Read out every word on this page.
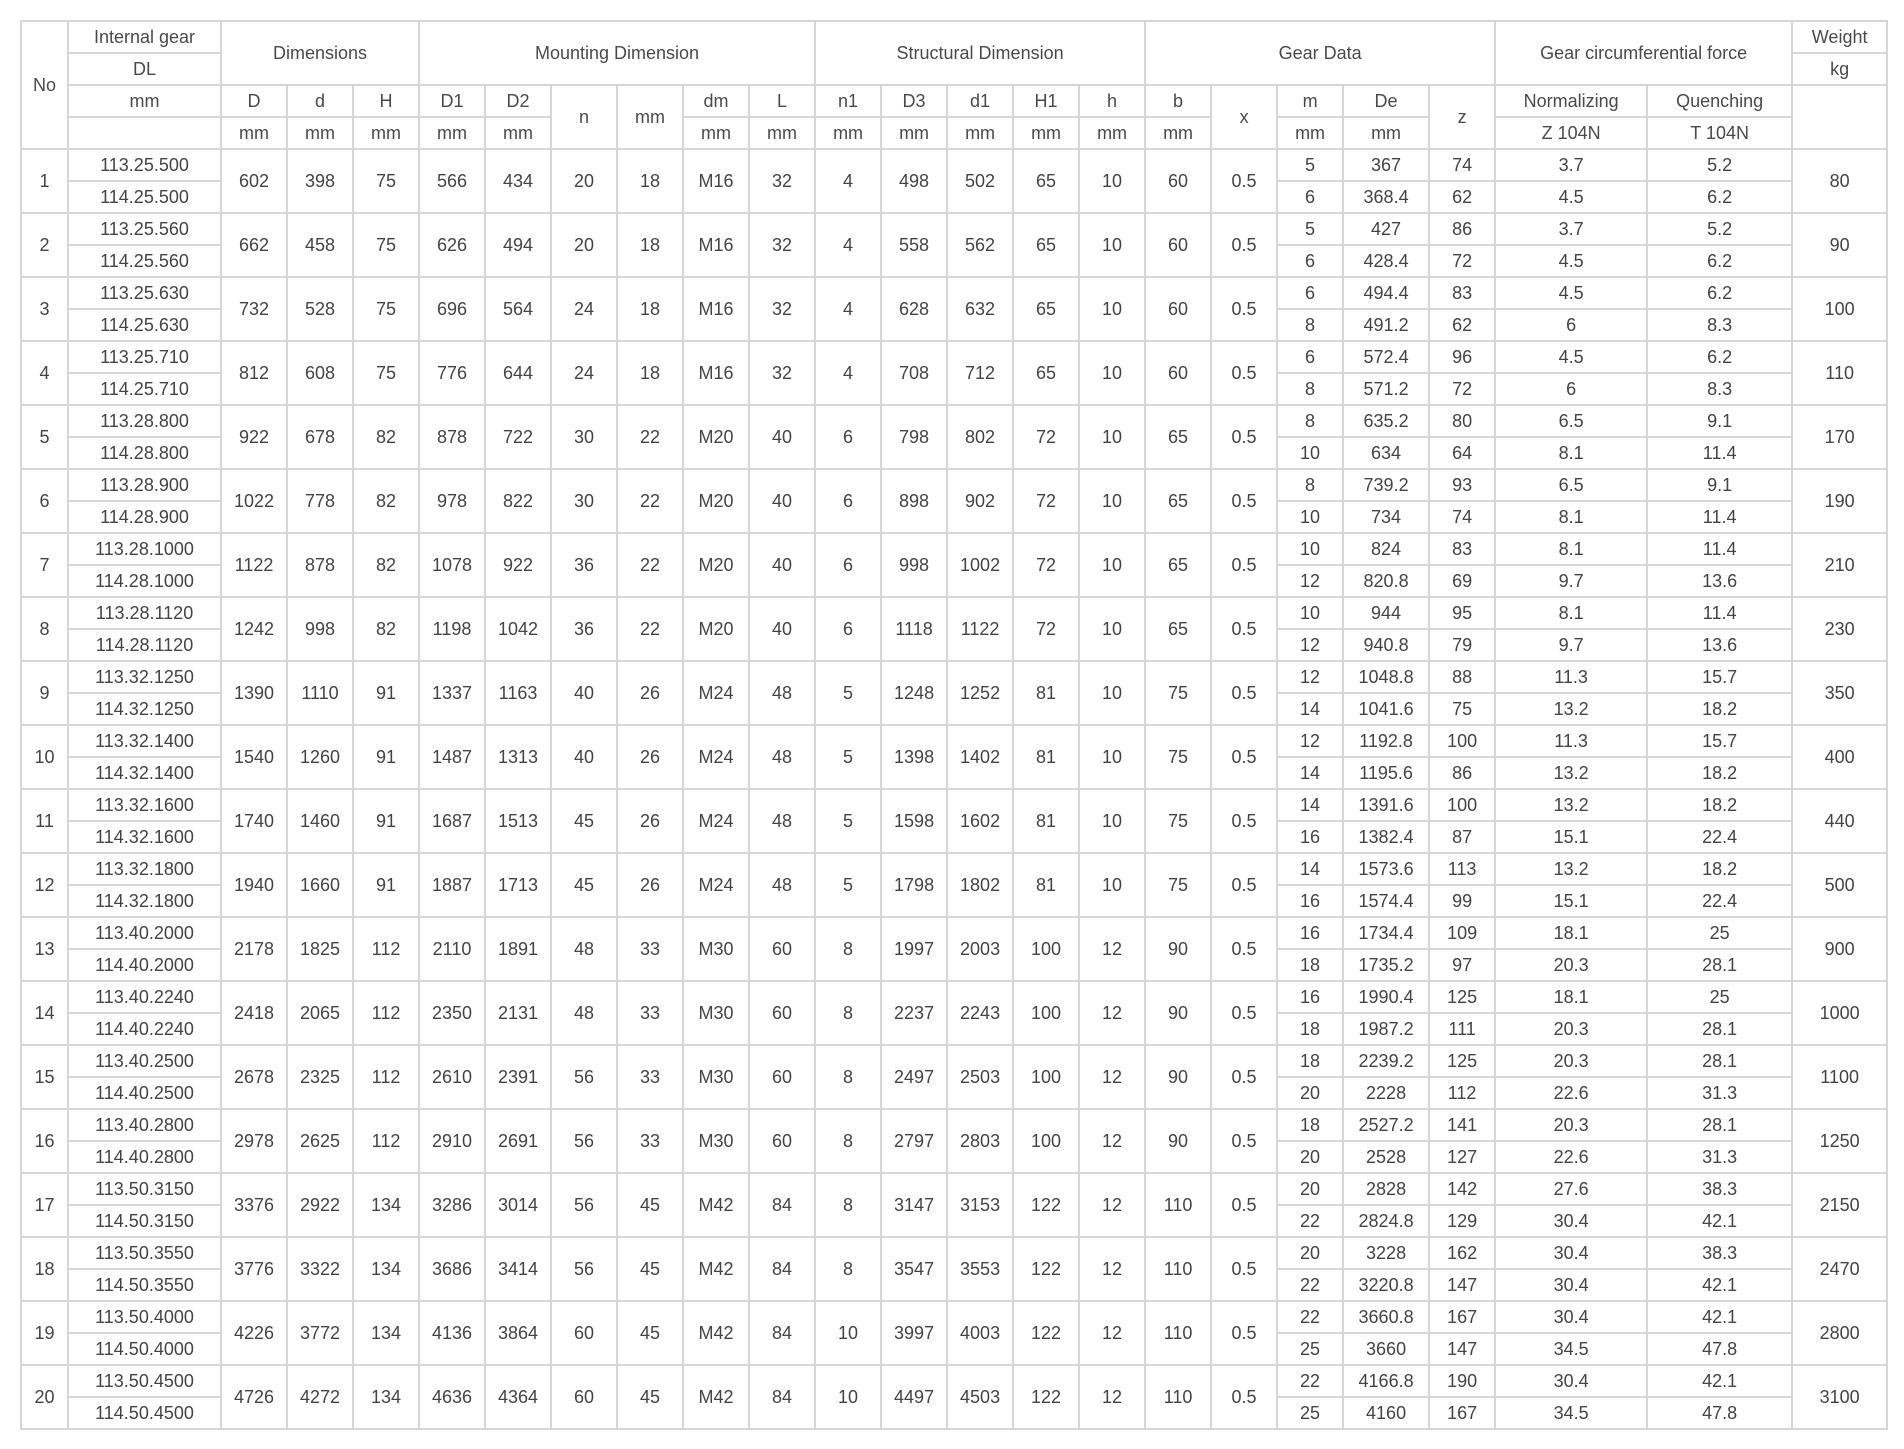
No	Internal gear	Dimensions			Mounting Dimension						Structural Dimension					Gear Data					Gear circumferential force		Weight
	DL																						kg
	mm	D	d	H	D1	D2	n	mm	dm	L	n1	D3	d1	H1	h	b	x	m	De	z	Normalizing	Quenching	
		mm	mm	mm	mm	mm			mm	mm	mm	mm	mm	mm	mm	mm		mm	mm		Z 104N	T 104N	
1	113.25.500	602	398	75	566	434	20	18	M16	32	4	498	502	65	10	60	0.5	5	367	74	3.7	5.2	80
	114.25.500																	6	368.4	62	4.5	6.2	
2	113.25.560	662	458	75	626	494	20	18	M16	32	4	558	562	65	10	60	0.5	5	427	86	3.7	5.2	90
	114.25.560																	6	428.4	72	4.5	6.2	
3	113.25.630	732	528	75	696	564	24	18	M16	32	4	628	632	65	10	60	0.5	6	494.4	83	4.5	6.2	100
	114.25.630																	8	491.2	62	6	8.3	
4	113.25.710	812	608	75	776	644	24	18	M16	32	4	708	712	65	10	60	0.5	6	572.4	96	4.5	6.2	110
	114.25.710																	8	571.2	72	6	8.3	
5	113.28.800	922	678	82	878	722	30	22	M20	40	6	798	802	72	10	65	0.5	8	635.2	80	6.5	9.1	170
	114.28.800																	10	634	64	8.1	11.4	
6	113.28.900	1022	778	82	978	822	30	22	M20	40	6	898	902	72	10	65	0.5	8	739.2	93	6.5	9.1	190
	114.28.900																	10	734	74	8.1	11.4	
7	113.28.1000	1122	878	82	1078	922	36	22	M20	40	6	998	1002	72	10	65	0.5	10	824	83	8.1	11.4	210
	114.28.1000																	12	820.8	69	9.7	13.6	
8	113.28.1120	1242	998	82	1198	1042	36	22	M20	40	6	1118	1122	72	10	65	0.5	10	944	95	8.1	11.4	230
	114.28.1120																	12	940.8	79	9.7	13.6	
9	113.32.1250	1390	1110	91	1337	1163	40	26	M24	48	5	1248	1252	81	10	75	0.5	12	1048.8	88	11.3	15.7	350
	114.32.1250																	14	1041.6	75	13.2	18.2	
10	113.32.1400	1540	1260	91	1487	1313	40	26	M24	48	5	1398	1402	81	10	75	0.5	12	1192.8	100	11.3	15.7	400
	114.32.1400																	14	1195.6	86	13.2	18.2	
11	113.32.1600	1740	1460	91	1687	1513	45	26	M24	48	5	1598	1602	81	10	75	0.5	14	1391.6	100	13.2	18.2	440
	114.32.1600																	16	1382.4	87	15.1	22.4	
12	113.32.1800	1940	1660	91	1887	1713	45	26	M24	48	5	1798	1802	81	10	75	0.5	14	1573.6	113	13.2	18.2	500
	114.32.1800																	16	1574.4	99	15.1	22.4	
13	113.40.2000	2178	1825	112	2110	1891	48	33	M30	60	8	1997	2003	100	12	90	0.5	16	1734.4	109	18.1	25	900
	114.40.2000																	18	1735.2	97	20.3	28.1	
14	113.40.2240	2418	2065	112	2350	2131	48	33	M30	60	8	2237	2243	100	12	90	0.5	16	1990.4	125	18.1	25	1000
	114.40.2240																	18	1987.2	111	20.3	28.1	
15	113.40.2500	2678	2325	112	2610	2391	56	33	M30	60	8	2497	2503	100	12	90	0.5	18	2239.2	125	20.3	28.1	1100
	114.40.2500																	20	2228	112	22.6	31.3	
16	113.40.2800	2978	2625	112	2910	2691	56	33	M30	60	8	2797	2803	100	12	90	0.5	18	2527.2	141	20.3	28.1	1250
	114.40.2800																	20	2528	127	22.6	31.3	
17	113.50.3150	3376	2922	134	3286	3014	56	45	M42	84	8	3147	3153	122	12	110	0.5	20	2828	142	27.6	38.3	2150
	114.50.3150																	22	2824.8	129	30.4	42.1	
18	113.50.3550	3776	3322	134	3686	3414	56	45	M42	84	8	3547	3553	122	12	110	0.5	20	3228	162	30.4	38.3	2470
	114.50.3550																	22	3220.8	147	30.4	42.1	
19	113.50.4000	4226	3772	134	4136	3864	60	45	M42	84	10	3997	4003	122	12	110	0.5	22	3660.8	167	30.4	42.1	2800
	114.50.4000																	25	3660	147	34.5	47.8	
20	113.50.4500	4726	4272	134	4636	4364	60	45	M42	84	10	4497	4503	122	12	110	0.5	22	4166.8	190	30.4	42.1	3100
	114.50.4500																	25	4160	167	34.5	47.8	
